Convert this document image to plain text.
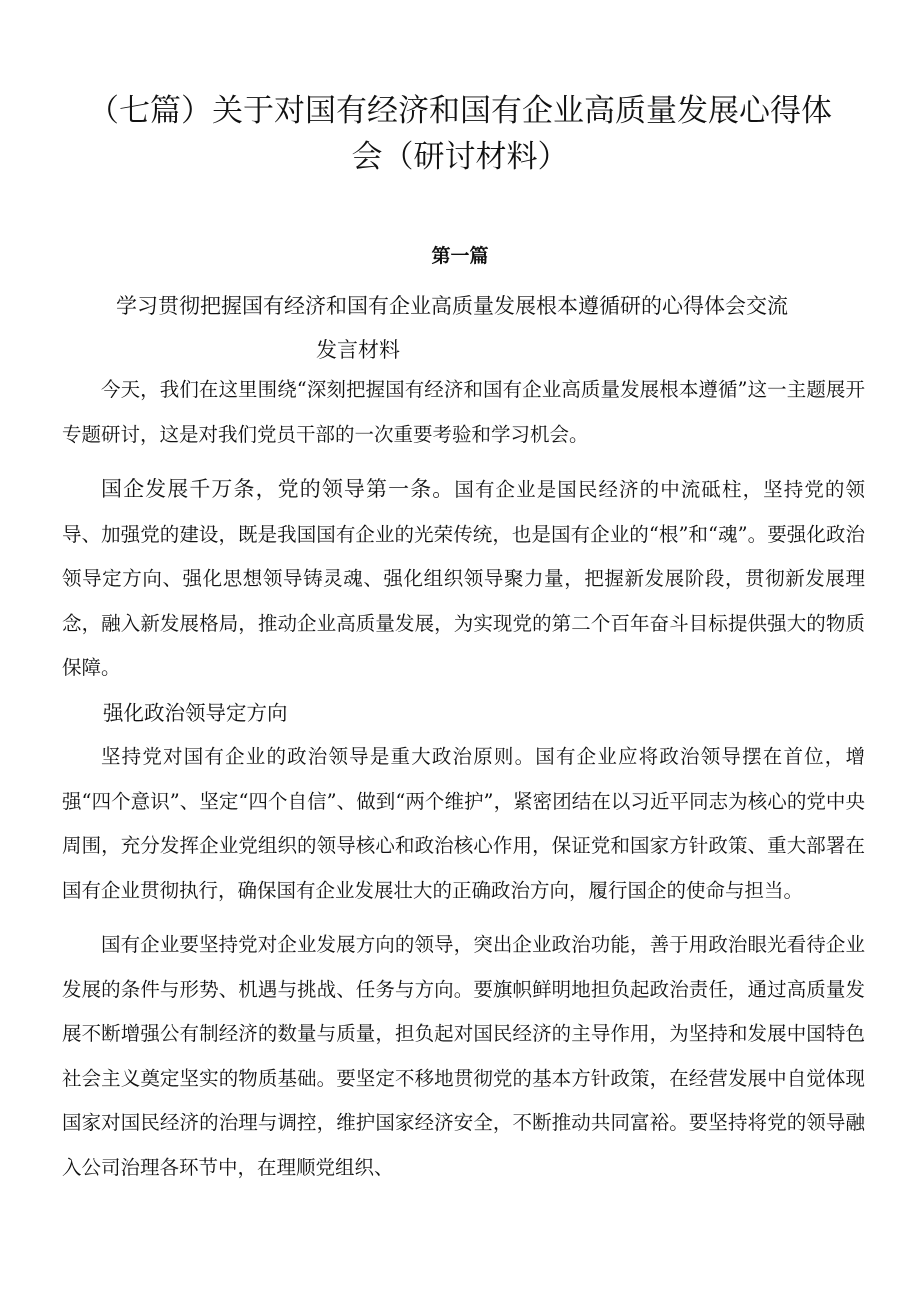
（七篇）关于对国有经济和国有企业高质量发展心得体
会（研讨材料）
第一篇
学习贯彻把握国有经济和国有企业高质量发展根本遵循研的心得体会交流
发言材料

今天，我们在这里围绕“深刻把握国有经济和国有企业高质量发展根本遵循”这一主题展开专题研讨，这是对我们党员干部的一次重要考验和学习机会。

国企发展千万条，党的领导第一条。国有企业是国民经济的中流砥柱，坚持党的领导、加强党的建设，既是我国国有企业的光荣传统，也是国有企业的“根”和“魂”。要强化政治领导定方向、强化思想领导铸灵魂、强化组织领导聚力量，把握新发展阶段，贯彻新发展理念，融入新发展格局，推动企业高质量发展，为实现党的第二个百年奋斗目标提供强大的物质保障。

强化政治领导定方向

坚持党对国有企业的政治领导是重大政治原则。国有企业应将政治领导摆在首位，增强“四个意识”、坚定“四个自信”、做到“两个维护”，紧密团结在以习近平同志为核心的党中央周围，充分发挥企业党组织的领导核心和政治核心作用，保证党和国家方针政策、重大部署在国有企业贯彻执行，确保国有企业发展壮大的正确政治方向，履行国企的使命与担当。

国有企业要坚持党对企业发展方向的领导，突出企业政治功能，善于用政治眼光看待企业发展的条件与形势、机遇与挑战、任务与方向。要旗帜鲜明地担负起政治责任，通过高质量发展不断增强公有制经济的数量与质量，担负起对国民经济的主导作用，为坚持和发展中国特色社会主义奠定坚实的物质基础。要坚定不移地贯彻党的基本方针政策，在经营发展中自觉体现国家对国民经济的治理与调控，维护国家经济安全，不断推动共同富裕。要坚持将党的领导融入公司治理各环节中，在理顺党组织、
